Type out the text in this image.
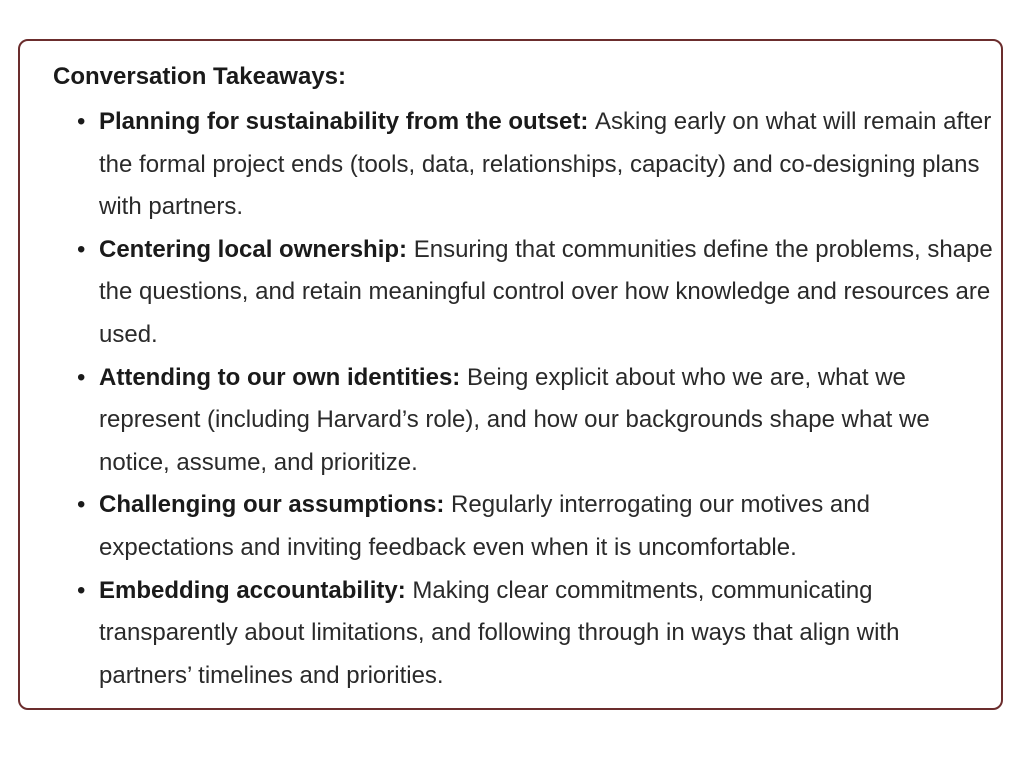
Conversation Takeaways:
• Planning for sustainability from the outset: Asking early on what will remain after the formal project ends (tools, data, relationships, capacity) and co-designing plans with partners.
• Centering local ownership: Ensuring that communities define the problems, shape the questions, and retain meaningful control over how knowledge and resources are used.
• Attending to our own identities: Being explicit about who we are, what we represent (including Harvard’s role), and how our backgrounds shape what we notice, assume, and prioritize.
• Challenging our assumptions: Regularly interrogating our motives and expectations and inviting feedback even when it is uncomfortable.
• Embedding accountability: Making clear commitments, communicating transparently about limitations, and following through in ways that align with partners’ timelines and priorities.
